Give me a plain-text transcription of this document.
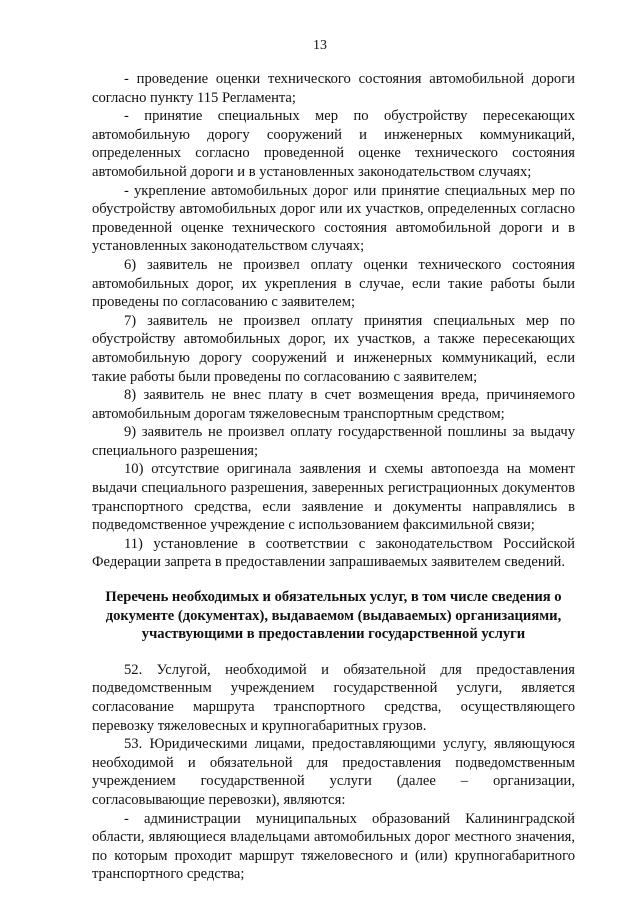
13

- проведение оценки технического состояния автомобильной дороги согласно пункту 115 Регламента;

- принятие специальных мер по обустройству пересекающих автомобильную дорогу сооружений и инженерных коммуникаций, определенных согласно проведенной оценке технического состояния автомобильной дороги и в установленных законодательством случаях;

- укрепление автомобильных дорог или принятие специальных мер по обустройству автомобильных дорог или их участков, определенных согласно проведенной оценке технического состояния автомобильной дороги и в установленных законодательством случаях;

6) заявитель не произвел оплату оценки технического состояния автомобильных дорог, их укрепления в случае, если такие работы были проведены по согласованию с заявителем;

7) заявитель не произвел оплату принятия специальных мер по обустройству автомобильных дорог, их участков, а также пересекающих автомобильную дорогу сооружений и инженерных коммуникаций, если такие работы были проведены по согласованию с заявителем;

8) заявитель не внес плату в счет возмещения вреда, причиняемого автомобильным дорогам тяжеловесным транспортным средством;

9) заявитель не произвел оплату государственной пошлины за выдачу специального разрешения;

10) отсутствие оригинала заявления и схемы автопоезда на момент выдачи специального разрешения, заверенных регистрационных документов транспортного средства, если заявление и документы направлялись в подведомственное учреждение с использованием факсимильной связи;

11) установление в соответствии с законодательством Российской Федерации запрета в предоставлении запрашиваемых заявителем сведений.

Перечень необходимых и обязательных услуг, в том числе сведения о документе (документах), выдаваемом (выдаваемых) организациями, участвующими в предоставлении государственной услуги

52. Услугой, необходимой и обязательной для предоставления подведомственным учреждением государственной услуги, является согласование маршрута транспортного средства, осуществляющего перевозку тяжеловесных и крупногабаритных грузов.

53. Юридическими лицами, предоставляющими услугу, являющуюся необходимой и обязательной для предоставления подведомственным учреждением государственной услуги (далее – организации, согласовывающие перевозки), являются:

- администрации муниципальных образований Калининградской области, являющиеся владельцами автомобильных дорог местного значения, по которым проходит маршрут тяжеловесного и (или) крупногабаритного транспортного средства;
